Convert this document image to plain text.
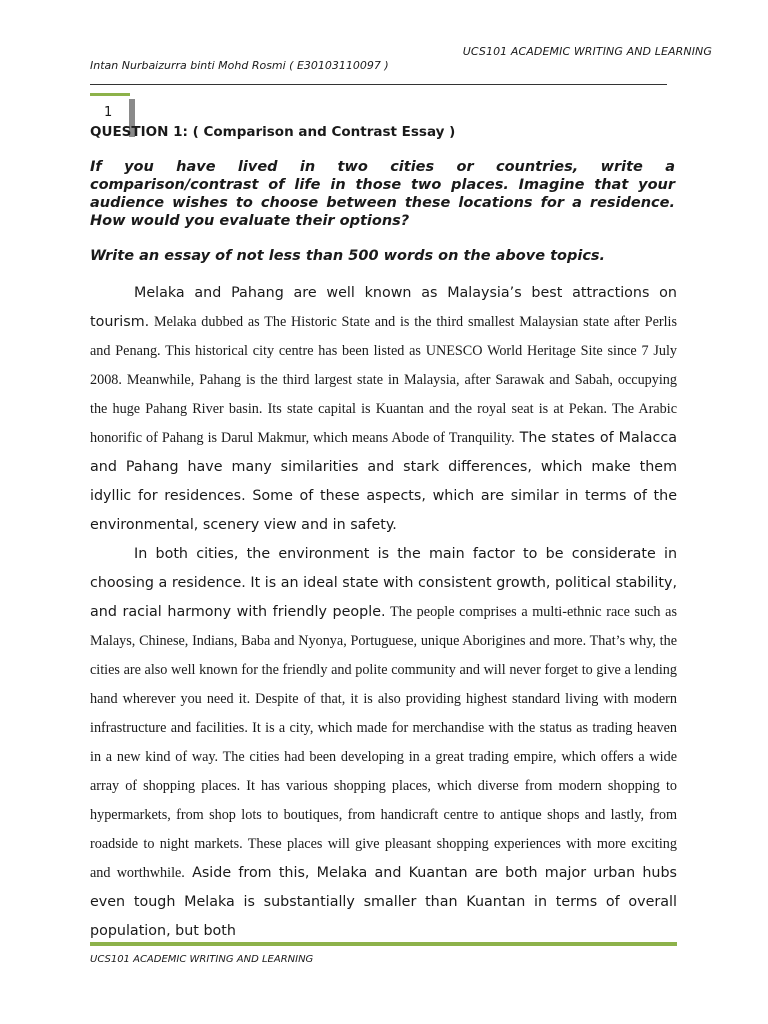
UCS101 ACADEMIC WRITING AND LEARNING
Intan Nurbaizurra binti Mohd Rosmi ( E30103110097 )
1
QUESTION 1: ( Comparison and Contrast Essay )
If you have lived in two cities or countries, write a comparison/contrast of life in those two places. Imagine that your audience wishes to choose between these locations for a residence. How would you evaluate their options?
Write an essay of not less than 500 words on the above topics.

Melaka and Pahang are well known as Malaysia’s best attractions on tourism. Melaka dubbed as The Historic State and is the third smallest Malaysian state after Perlis and Penang. This historical city centre has been listed as UNESCO World Heritage Site since 7 July 2008. Meanwhile, Pahang is the third largest state in Malaysia, after Sarawak and Sabah, occupying the huge Pahang River basin. Its state capital is Kuantan and the royal seat is at Pekan. The Arabic honorific of Pahang is Darul Makmur, which means Abode of Tranquility. The states of Malacca and Pahang have many similarities and stark differences, which make them idyllic for residences. Some of these aspects, which are similar in terms of the environmental, scenery view and in safety.

In both cities, the environment is the main factor to be considerate in choosing a residence. It is an ideal state with consistent growth, political stability, and racial harmony with friendly people. The people comprises a multi-ethnic race such as Malays, Chinese, Indians, Baba and Nyonya, Portuguese, unique Aborigines and more. That’s why, the cities are also well known for the friendly and polite community and will never forget to give a lending hand wherever you need it. Despite of that, it is also providing highest standard living with modern infrastructure and facilities. It is a city, which made for merchandise with the status as trading heaven in a new kind of way. The cities had been developing in a great trading empire, which offers a wide array of shopping places. It has various shopping places, which diverse from modern shopping to hypermarkets, from shop lots to boutiques, from handicraft centre to antique shops and lastly, from roadside to night markets. These places will give pleasant shopping experiences with more exciting and worthwhile. Aside from this, Melaka and Kuantan are both major urban hubs even tough Melaka is substantially smaller than Kuantan in terms of overall population, but both

UCS101 ACADEMIC WRITING AND LEARNING
